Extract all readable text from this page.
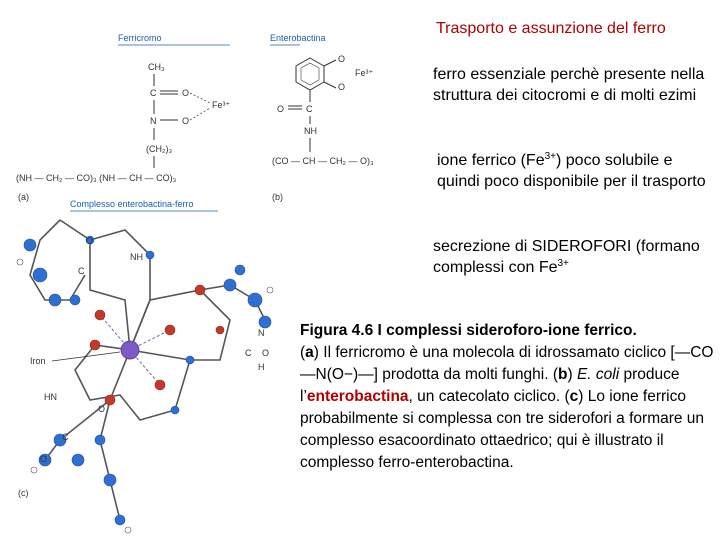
Ferricromo	Enterobactina
CH₃
C	O
N	O
Fe³⁺
(CH₂)₃
(NH — CH₂ — CO)₃ (NH — CH — CO)₃
(a)
O
O
Fe³⁺
C
O
NH
(CO — CH — CH₂ — O)₃
(b)
Complesso enterobactina-ferro
O
NH
C
Iron
C O
N
H
HN
O
C
O
(c)
Trasporto e assunzione del ferro
ferro essenziale perchè presente nella struttura dei citocromi e di molti ezimi
ione ferrico $(Fe^{3+})$ poco solubile e quindi poco disponibile per il trasporto
secrezione di SIDEROFORI (formano complessi con $Fe^{3+}$
Figura 4.6 I complessi sideroforo-ione ferrico.
(a) Il ferricromo è una molecola di idrossamato ciclico [—CO—N(O−)—] prodotta da molti funghi. (b) E. coli produce l’enterobactina, un catecolato ciclico. (c) Lo ione ferrico probabilmente si complessa con tre siderofori a formare un complesso esacoordinato ottaedrico; qui è illustrato il complesso ferro-enterobactina.
